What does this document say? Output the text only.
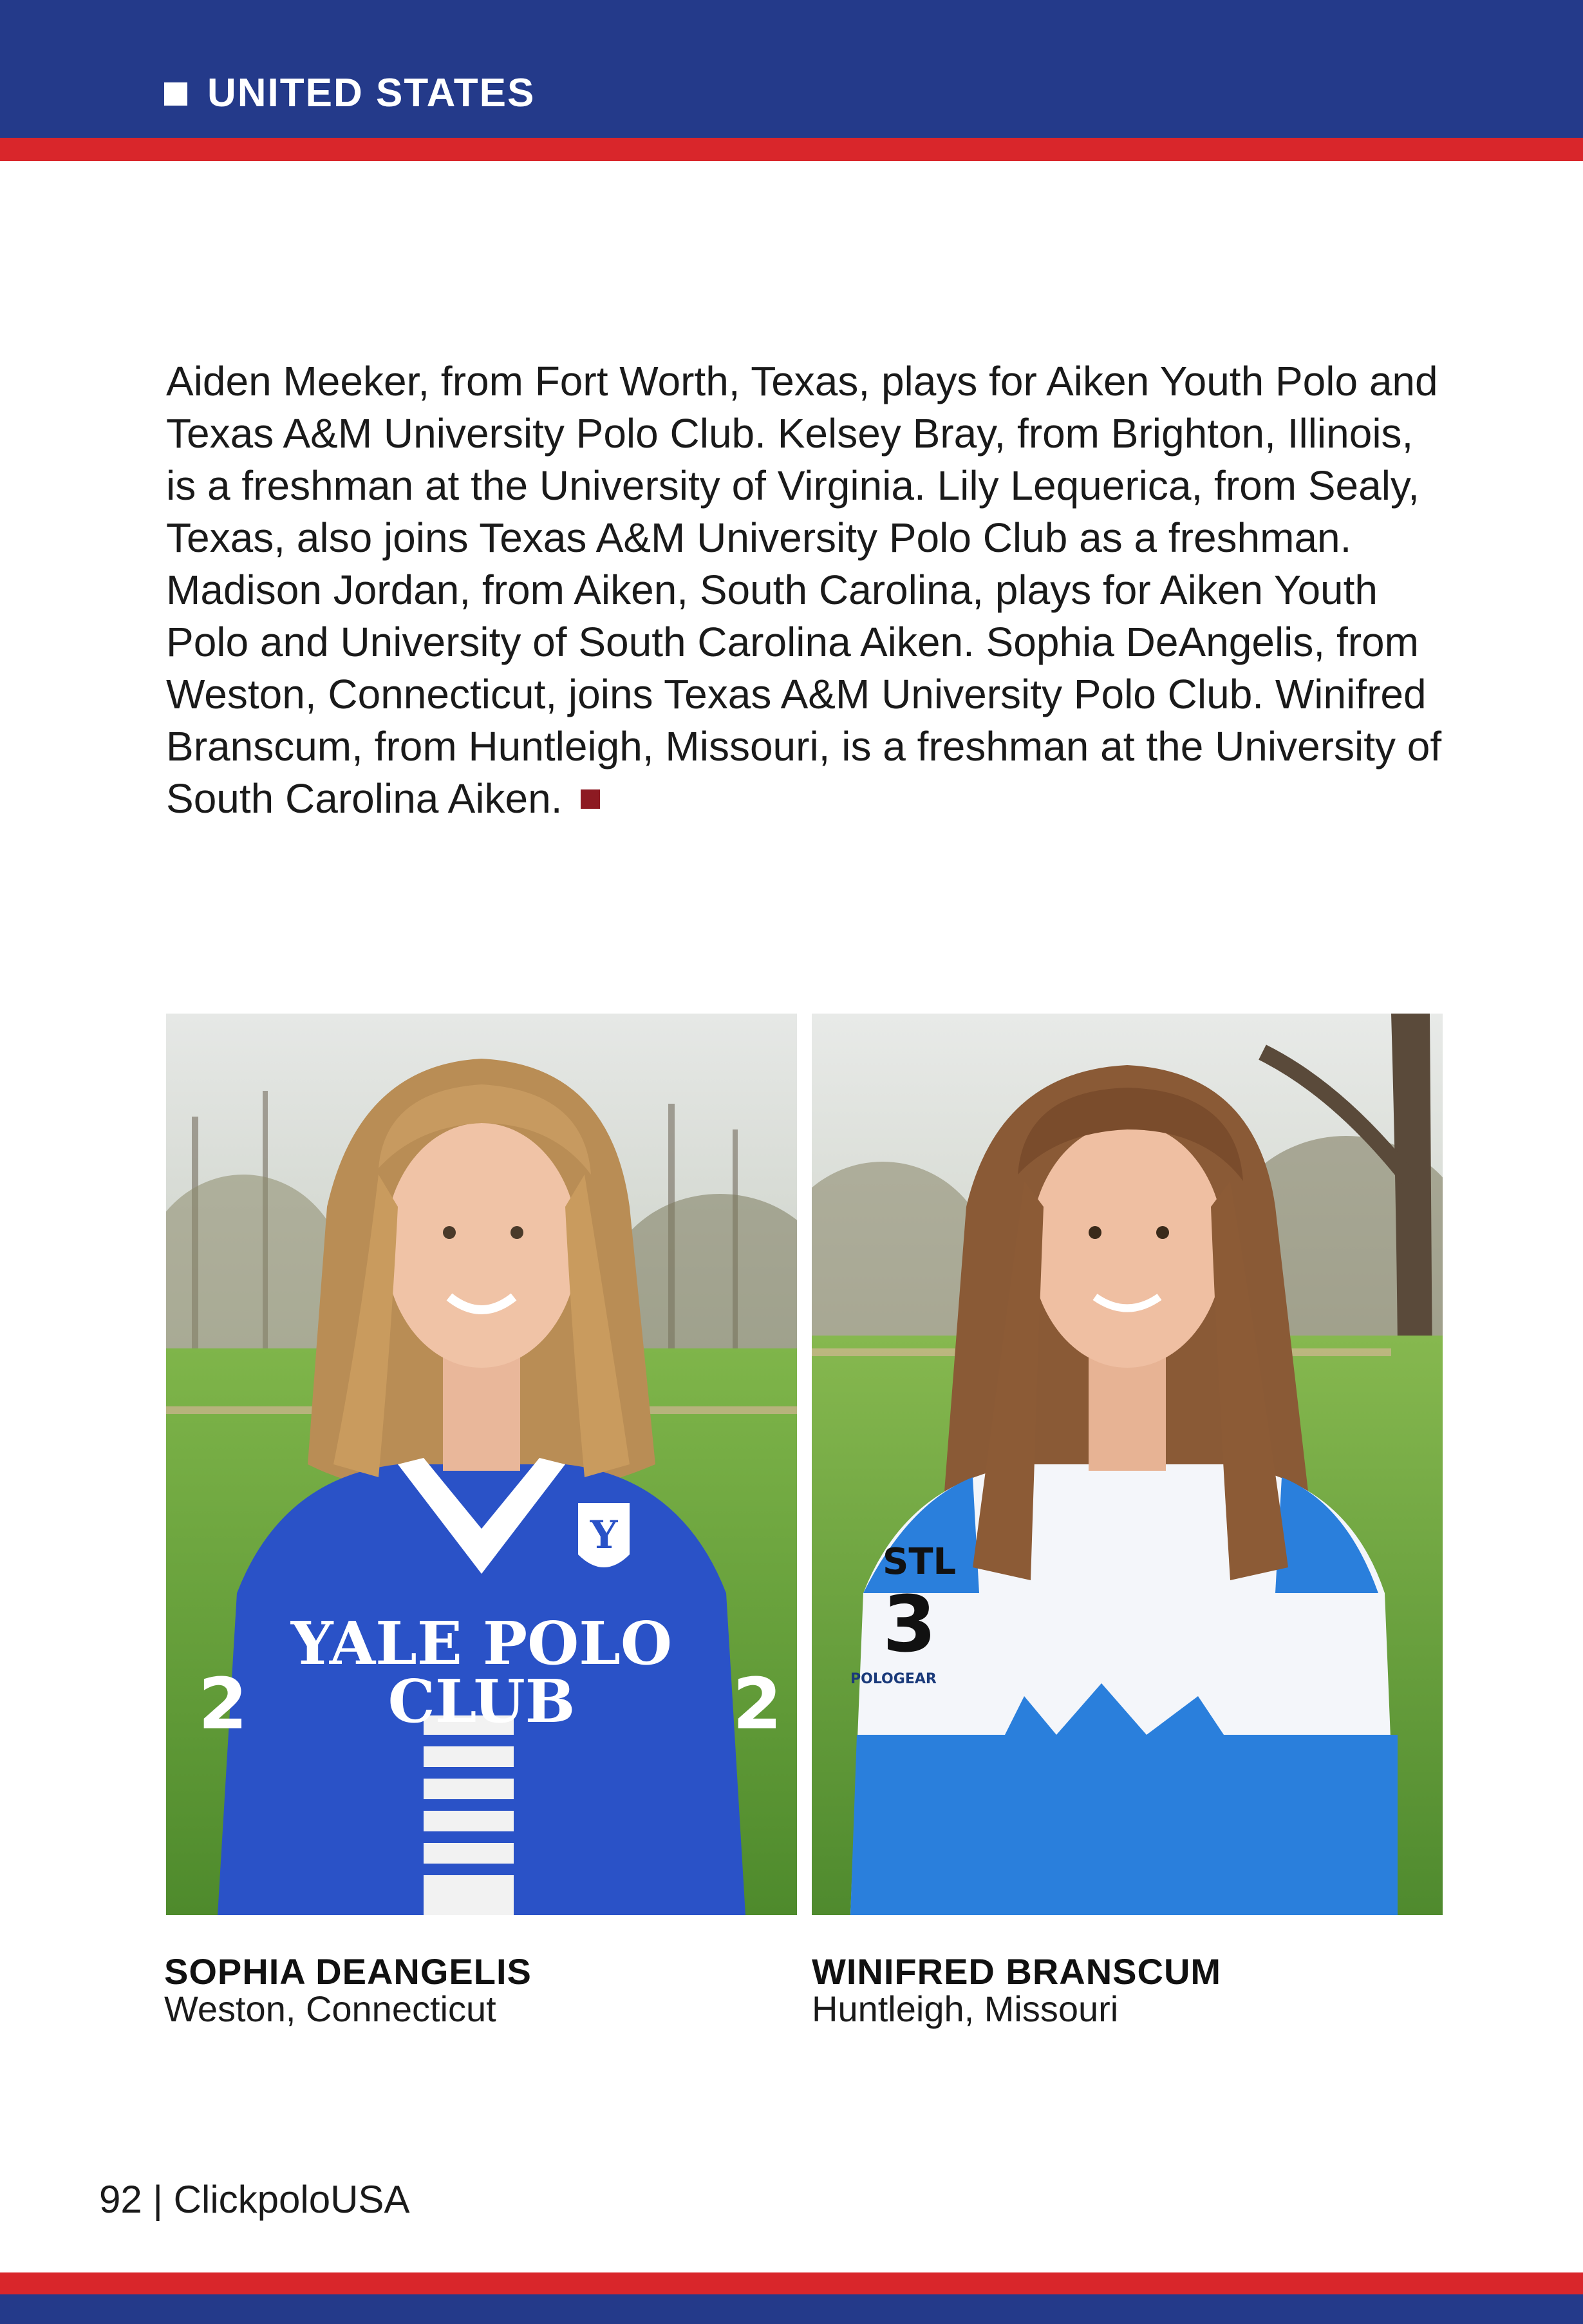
UNITED STATES

Aiden Meeker, from Fort Worth, Texas, plays for Aiken Youth Polo and Texas A&M University Polo Club. Kelsey Bray, from Brighton, Illinois, is a freshman at the University of Virginia. Lily Lequerica, from Sealy, Texas, also joins Texas A&M University Polo Club as a freshman. Madison Jordan, from Aiken, South Carolina, plays for Aiken Youth Polo and University of South Carolina Aiken. Sophia DeAngelis, from Weston, Connecticut, joins Texas A&M University Polo Club. Winifred Branscum, from Huntleigh, Missouri, is a freshman at the University of South Carolina Aiken.

YALE POLO
CLUB
2	2
Y
STL
3
POLOGEAR
SOPHIA DEANGELIS
Weston, Connecticut
WINIFRED BRANSCUM
Huntleigh, Missouri
92 | ClickpoloUSA
